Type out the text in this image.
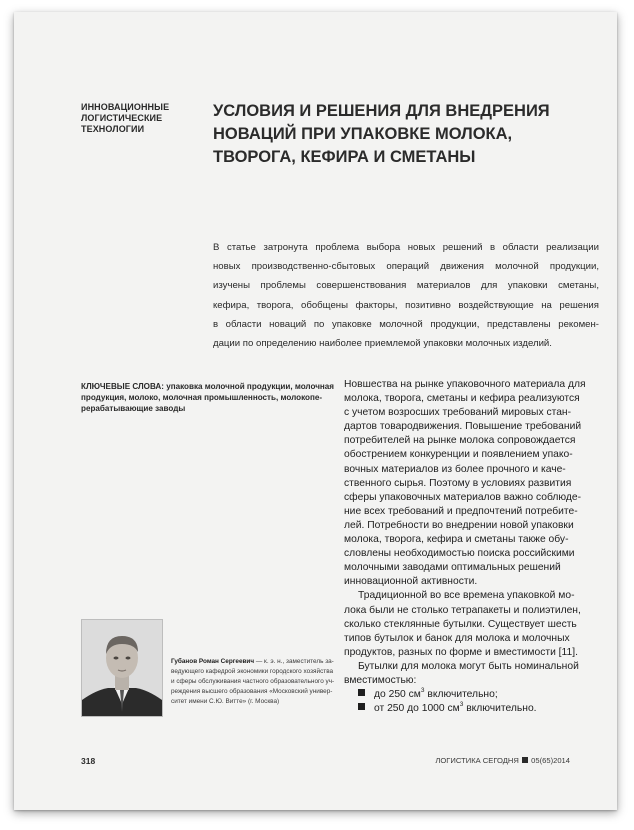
ИННОВАЦИОННЫЕ
ЛОГИСТИЧЕСКИЕ
ТЕХНОЛОГИИ
УСЛОВИЯ И РЕШЕНИЯ ДЛЯ ВНЕДРЕНИЯ
НОВАЦИЙ ПРИ УПАКОВКЕ МОЛОКА,
ТВОРОГА, КЕФИРА И СМЕТАНЫ
В статье затронута проблема выбора новых решений в области реализации
новых производственно-сбытовых операций движения молочной продукции,
изучены проблемы совершенствования материалов для упаковки сметаны,
кефира, творога, обобщены факторы, позитивно воздействующие на решения
в области новаций по упаковке молочной продукции, представлены рекомен-
дации по определению наиболее приемлемой упаковки молочных изделий.
КЛЮЧЕВЫЕ СЛОВА: упаковка молочной продукции, молочная
продукция, молоко, молочная промышленность, молокопе-
рерабатывающие заводы
Новшества на рынке упаковочного материала для
молока, творога, сметаны и кефира реализуются
с учетом возросших требований мировых стан-
дартов товародвижения. Повышение требований
потребителей на рынке молока сопровождается
обострением конкуренции и появлением упако-
вочных материалов из более прочного и каче-
ственного сырья. Поэтому в условиях развития
сферы упаковочных материалов важно соблюде-
ние всех требований и предпочтений потребите-
лей. Потребности во внедрении новой упаковки
молока, творога, кефира и сметаны также обу-
словлены необходимостью поиска российскими
молочными заводами оптимальных решений
инновационной активности.
Традиционной во все времена упаковкой мо-
лока были не столько тетрапакеты и полиэтилен,
сколько стеклянные бутылки. Существует шесть
типов бутылок и банок для молока и молочных
продуктов, разных по форме и вместимости [11].
Бутылки для молока могут быть номинальной
вместимостью:
до 250 $см^3$ включительно;
от 250 до 1000 $см^3$ включительно.
Губанов Роман Сергеевич — к. э. н., заместитель за-
ведующего кафедрой экономики городского хозяйства
и сферы обслуживания частного образовательного уч-
реждения высшего образования «Московский универ-
ситет имени С.Ю. Витте» (г. Москва)
318	ЛОГИСТИКА СЕГОДНЯ 05(65)2014
